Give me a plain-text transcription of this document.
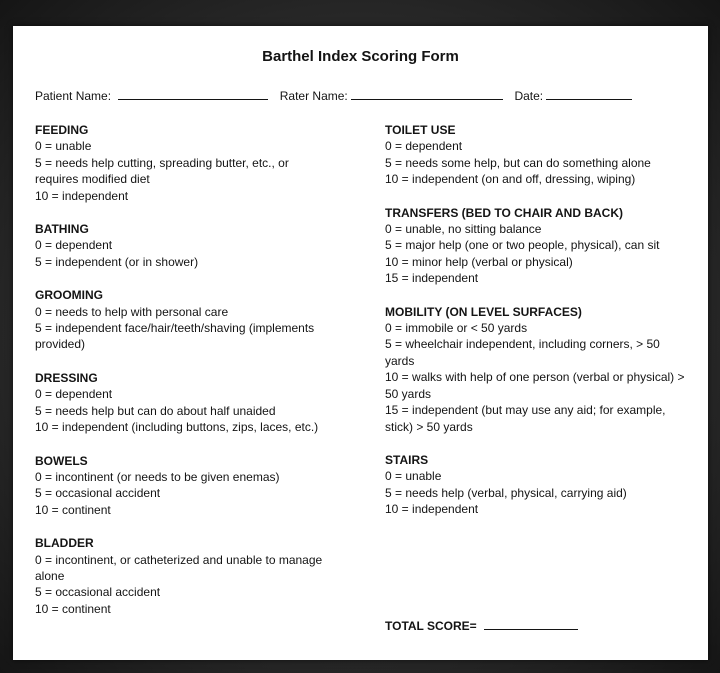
Barthel Index Scoring Form
Patient Name:	Rater Name:	Date:
FEEDING
0 = unable
5 = needs help cutting, spreading butter, etc., or requires modified diet
10 = independent
BATHING
0 = dependent
5 = independent (or in shower)
GROOMING
0 = needs to help with personal care
5 = independent face/hair/teeth/shaving (implements provided)
DRESSING
0 = dependent
5 = needs help but can do about half unaided
10 = independent (including buttons, zips, laces, etc.)
BOWELS
0 = incontinent (or needs to be given enemas)
5 = occasional accident
10 = continent
BLADDER
0 = incontinent, or catheterized and unable to manage alone
5 = occasional accident
10 = continent
TOILET USE
0 = dependent
5 = needs some help, but can do something alone
10 = independent (on and off, dressing, wiping)
TRANSFERS (BED TO CHAIR AND BACK)
0 = unable, no sitting balance
5 = major help (one or two people, physical), can sit
10 = minor help (verbal or physical)
15 = independent
MOBILITY (ON LEVEL SURFACES)
0 = immobile or < 50 yards
5 = wheelchair independent, including corners, > 50 yards
10 = walks with help of one person (verbal or physical) > 50 yards
15 = independent (but may use any aid; for example, stick) > 50 yards
STAIRS
0 = unable
5 = needs help (verbal, physical, carrying aid)
10 = independent
TOTAL SCORE=
